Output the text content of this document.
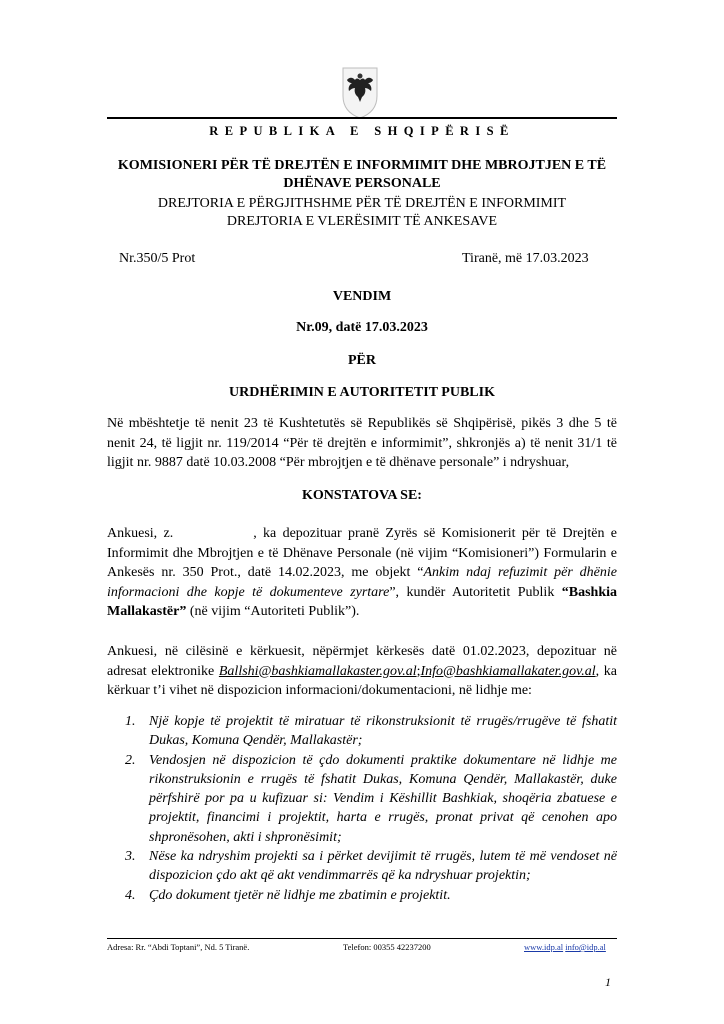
REPUBLIKA E SHQIPËRISË
KOMISIONERI PËR TË DREJTËN E INFORMIMIT DHE MBROJTJEN E TË
DHËNAVE PERSONALE
DREJTORIA E PËRGJITHSHME PËR TË DREJTËN E INFORMIMIT
DREJTORIA E VLERËSIMIT TË ANKESAVE
Nr.350/5 Prot	Tiranë, më 17.03.2023
VENDIM
Nr.09, datë 17.03.2023
PËR
URDHËRIMIN E AUTORITETIT PUBLIK
Në mbështetje të nenit 23 të Kushtetutës së Republikës së Shqipërisë, pikës 3 dhe 5 të nenit 24, të ligjit nr. 119/2014 “Për të drejtën e informimit”, shkronjës a) të nenit 31/1 të ligjit nr. 9887 datë 10.03.2008 “Për mbrojtjen e të dhënave personale” i ndryshuar,
KONSTATOVA SE:
Ankuesi, z.	, ka depozituar pranë Zyrës së Komisionerit për të Drejtën e Informimit dhe Mbrojtjen e të Dhënave Personale (në vijim “Komisioneri”) Formularin e Ankesës nr. 350 Prot., datë 14.02.2023, me objekt “Ankim ndaj refuzimit për dhënie informacioni dhe kopje të dokumenteve zyrtare”, kundër Autoritetit Publik “Bashkia Mallakastër” (në vijim “Autoriteti Publik”).
Ankuesi, në cilësinë e kërkuesit, nëpërmjet kërkesës datë 01.02.2023, depozituar në adresat elektronike Ballshi@bashkiamallakaster.gov.al;Info@bashkiamallakater.gov.al, ka kërkuar t’i vihet në dispozicion informacioni/dokumentacioni, në lidhje me:
1. Një kopje të projektit të miratuar të rikonstruksionit të rrugës/rrugëve të fshatit Dukas, Komuna Qendër, Mallakastër;
2. Vendosjen në dispozicion të çdo dokumenti praktike dokumentare në lidhje me rikonstruksionin e rrugës të fshatit Dukas, Komuna Qendër, Mallakastër, duke përfshirë por pa u kufizuar si: Vendim i Këshillit Bashkiak, shoqëria zbatuese e projektit, financimi i projektit, harta e rrugës, pronat privat që cenohen apo shpronësohen, akti i shpronësimit;
3. Nëse ka ndryshim projekti sa i përket devijimit të rrugës, lutem të më vendoset në dispozicion çdo akt që akt vendimmarrës që ka ndryshuar projektin;
4. Çdo dokument tjetër në lidhje me zbatimin e projektit.
Adresa: Rr. “Abdi Toptani”, Nd. 5 Tiranë.	Telefon: 00355 42237200	www.idp.al info@idp.al
1
